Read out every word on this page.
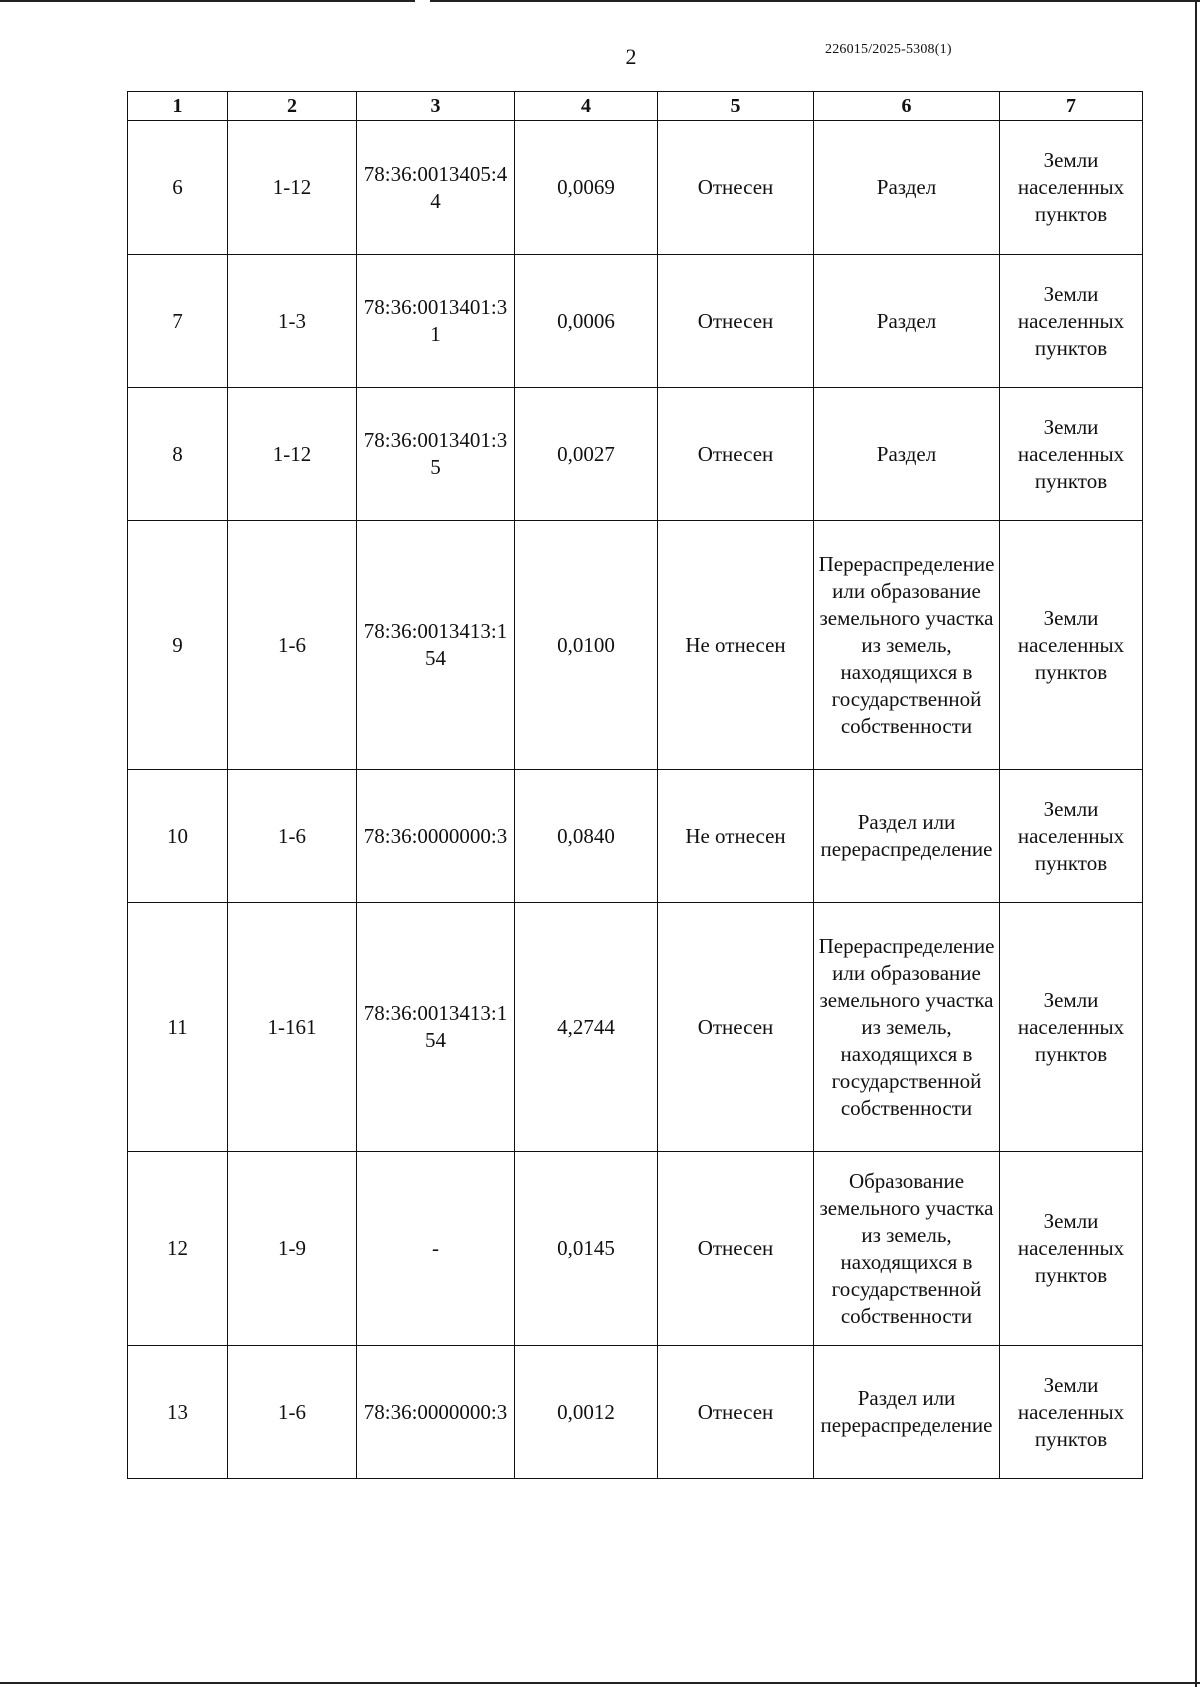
2	226015/2025-5308(1)
1	2	3	4	5	6	7
6	1-12	78:36:0013405:44	0,0069	Отнесен	Раздел	Земли населенных пунктов
7	1-3	78:36:0013401:31	0,0006	Отнесен	Раздел	Земли населенных пунктов
8	1-12	78:36:0013401:35	0,0027	Отнесен	Раздел	Земли населенных пунктов
9	1-6	78:36:0013413:154	0,0100	Не отнесен	Перераспределение или образование земельного участка из земель, находящихся в государственной собственности	Земли населенных пунктов
10	1-6	78:36:0000000:3	0,0840	Не отнесен	Раздел или перераспределение	Земли населенных пунктов
11	1-161	78:36:0013413:154	4,2744	Отнесен	Перераспределение или образование земельного участка из земель, находящихся в государственной собственности	Земли населенных пунктов
12	1-9	-	0,0145	Отнесен	Образование земельного участка из земель, находящихся в государственной собственности	Земли населенных пунктов
13	1-6	78:36:0000000:3	0,0012	Отнесен	Раздел или перераспределение	Земли населенных пунктов
